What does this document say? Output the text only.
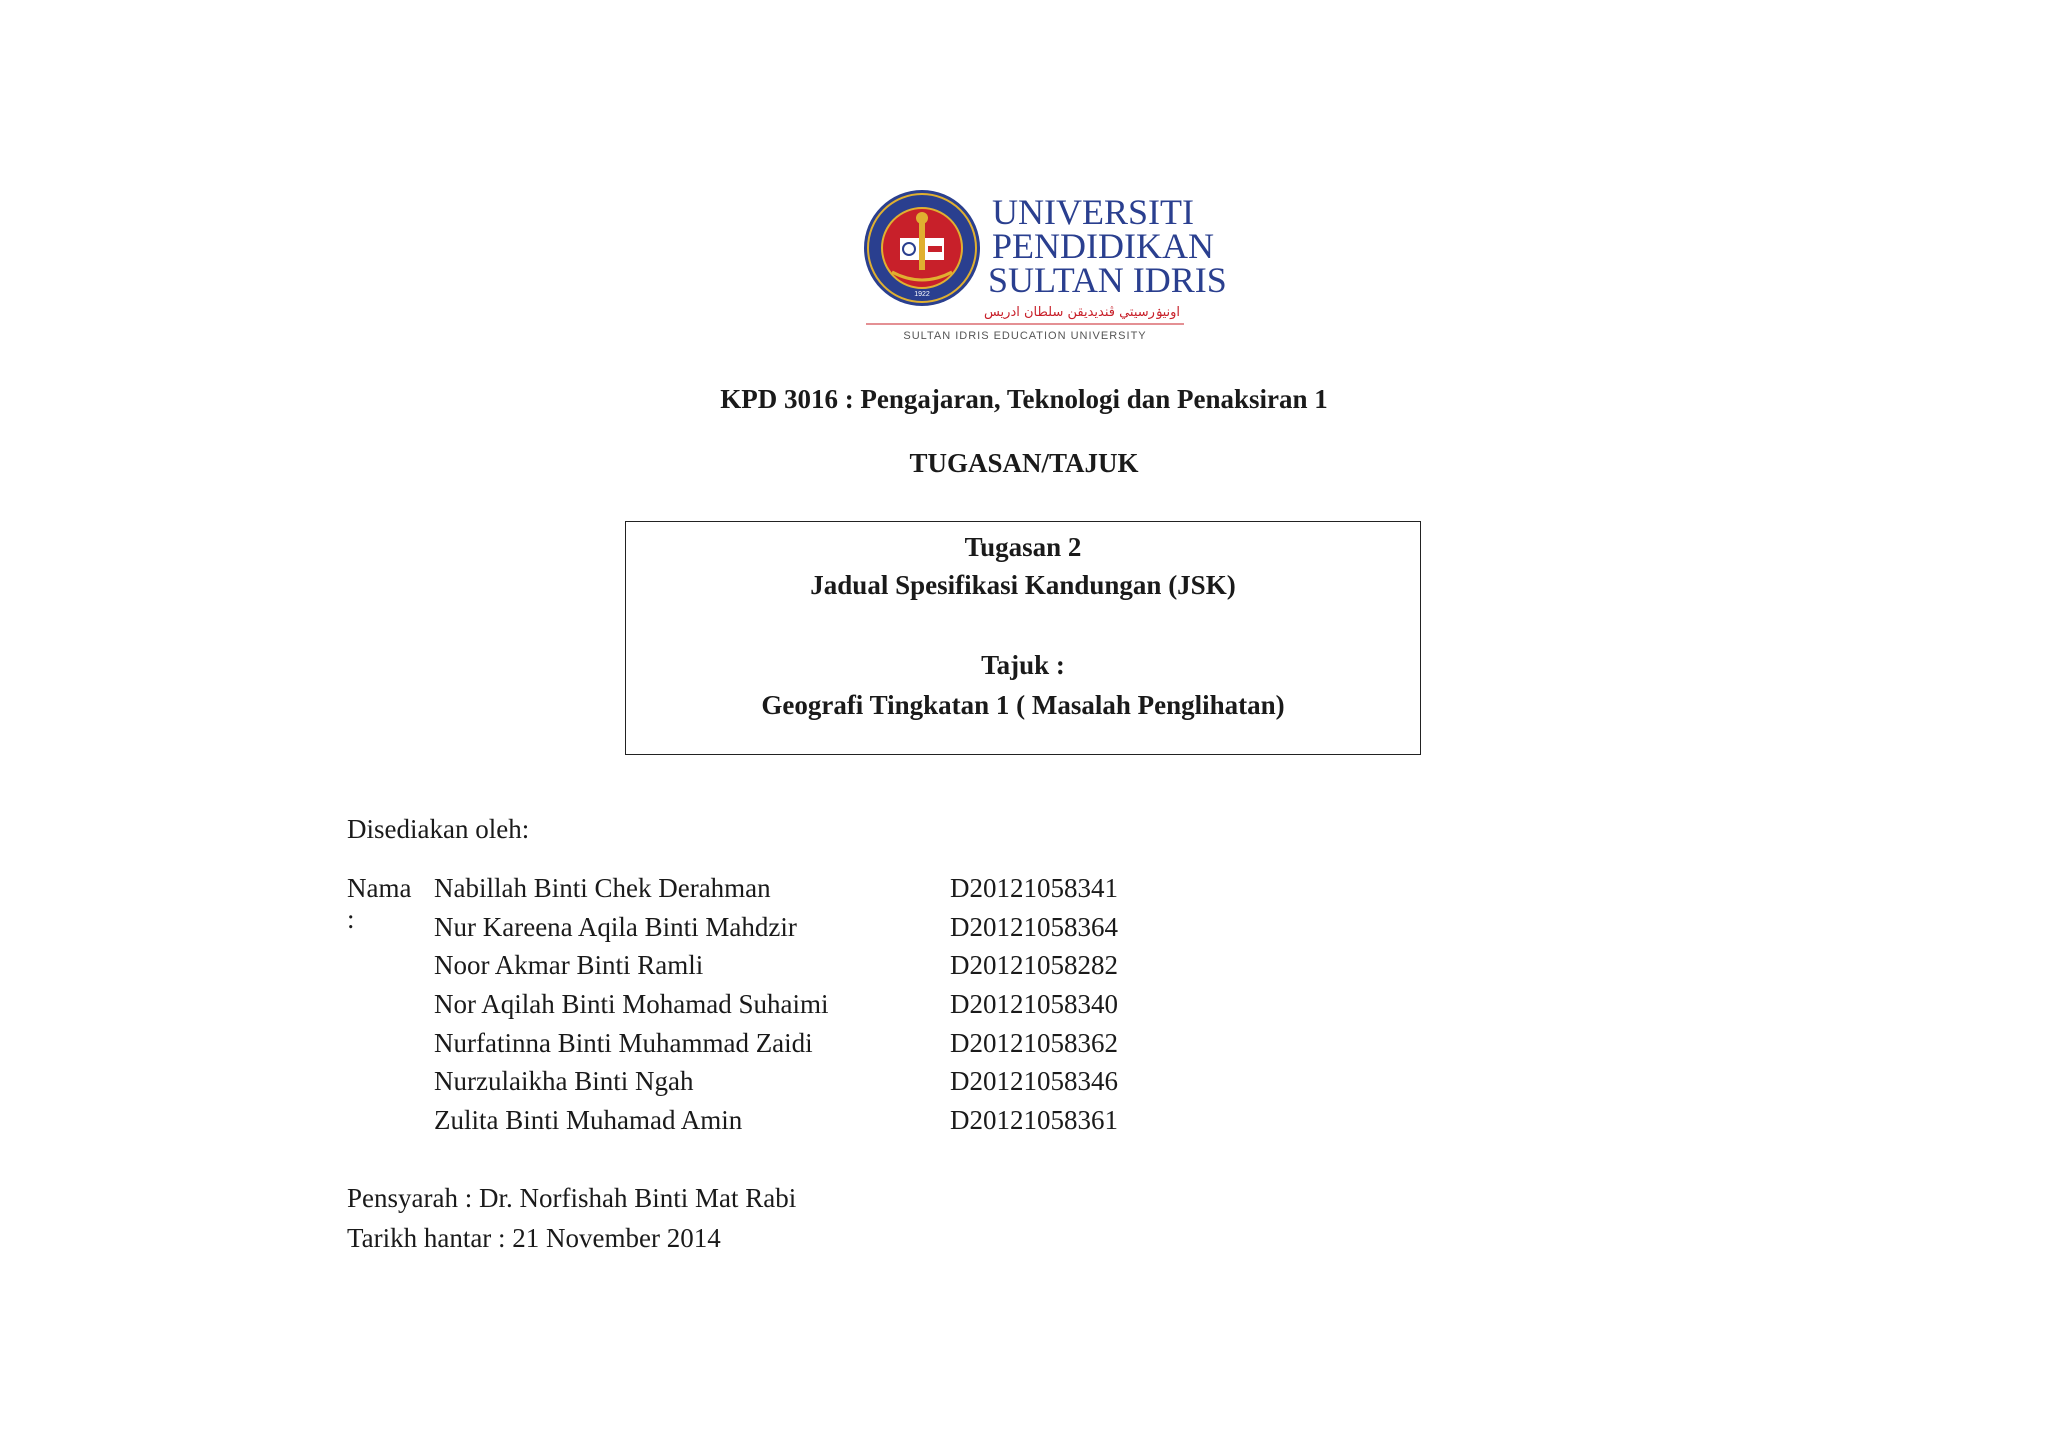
1922
UNIVERSITI
PENDIDIKAN
SULTAN IDRIS
اونيۏرسيتي ڤنديديقن سلطان ادريس
SULTAN IDRIS EDUCATION UNIVERSITY
KPD 3016 : Pengajaran, Teknologi dan Penaksiran 1
TUGASAN/TAJUK
Tugasan 2
Jadual Spesifikasi Kandungan (JSK)
Tajuk :
Geografi Tingkatan 1 ( Masalah Penglihatan)
Disediakan oleh:
Nama :
Nabillah Binti Chek Derahman	D20121058341
Nur Kareena Aqila Binti Mahdzir	D20121058364
Noor Akmar Binti Ramli	D20121058282
Nor Aqilah Binti Mohamad Suhaimi	D20121058340
Nurfatinna Binti Muhammad Zaidi	D20121058362
Nurzulaikha Binti Ngah	D20121058346
Zulita Binti Muhamad Amin	D20121058361
Pensyarah : Dr. Norfishah Binti Mat Rabi
Tarikh hantar : 21 November 2014
